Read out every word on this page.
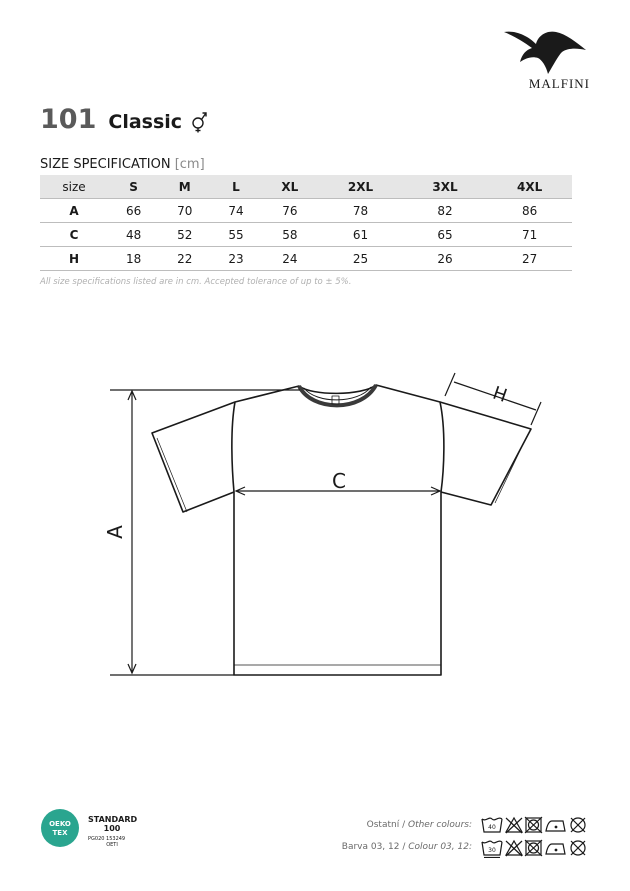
MALFINI
101 Classic
SIZE SPECIFICATION [cm]
size	S	M	L	XL	2XL	3XL	4XL
A	66	70	74	76	78	82	86
C	48	52	55	58	61	65	71
H	18	22	23	24	25	26	27
All size specifications listed are in cm. Accepted tolerance of up to ± 5%.
A
C
H
OEKO
TEX
STANDARD
100
PG020 153249
OETI
Ostatní / Other colours:
Barva 03, 12 / Colour 03, 12:
40
30
